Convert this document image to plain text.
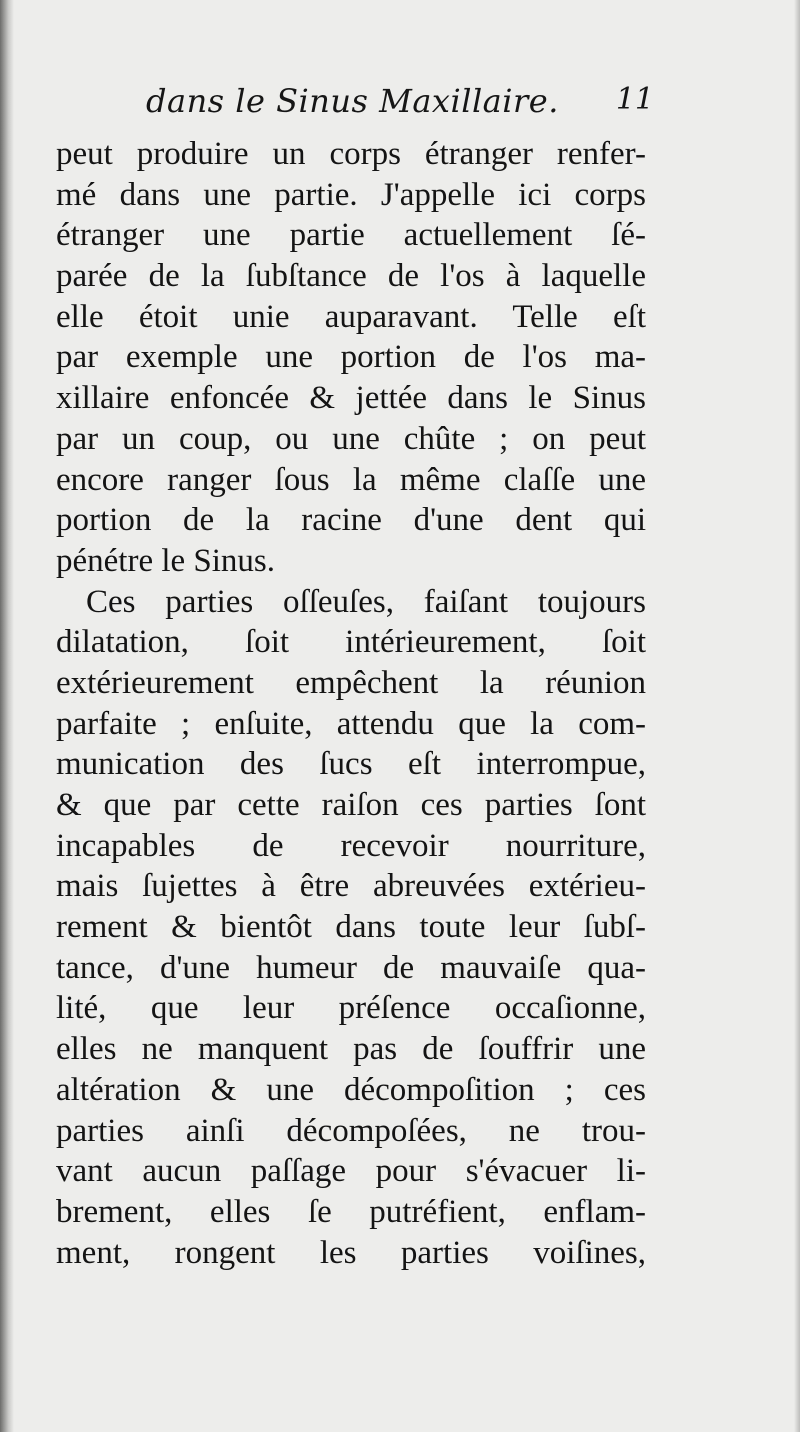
dans le Sinus Maxillaire. 11
peut produire un corps étranger renfer-
mé dans une partie. J'appelle ici corps
étranger une partie actuellement ſé-
parée de la ſubſtance de l'os à laquelle
elle étoit unie auparavant. Telle eſt
par exemple une portion de l'os ma-
xillaire enfoncée & jettée dans le Sinus
par un coup, ou une chûte ; on peut
encore ranger ſous la même claſſe une
portion de la racine d'une dent qui
pénétre le Sinus.
Ces parties oſſeuſes, faiſant toujours
dilatation, ſoit intérieurement, ſoit
extérieurement empêchent la réunion
parfaite ; enſuite, attendu que la com-
munication des ſucs eſt interrompue,
& que par cette raiſon ces parties ſont
incapables de recevoir nourriture,
mais ſujettes à être abreuvées extérieu-
rement & bientôt dans toute leur ſubſ-
tance, d'une humeur de mauvaiſe qua-
lité, que leur préſence occaſionne,
elles ne manquent pas de ſouffrir une
altération & une décompoſition ; ces
parties ainſi décompoſées, ne trou-
vant aucun paſſage pour s'évacuer li-
brement, elles ſe putréfient, enflam-
ment, rongent les parties voiſines,
